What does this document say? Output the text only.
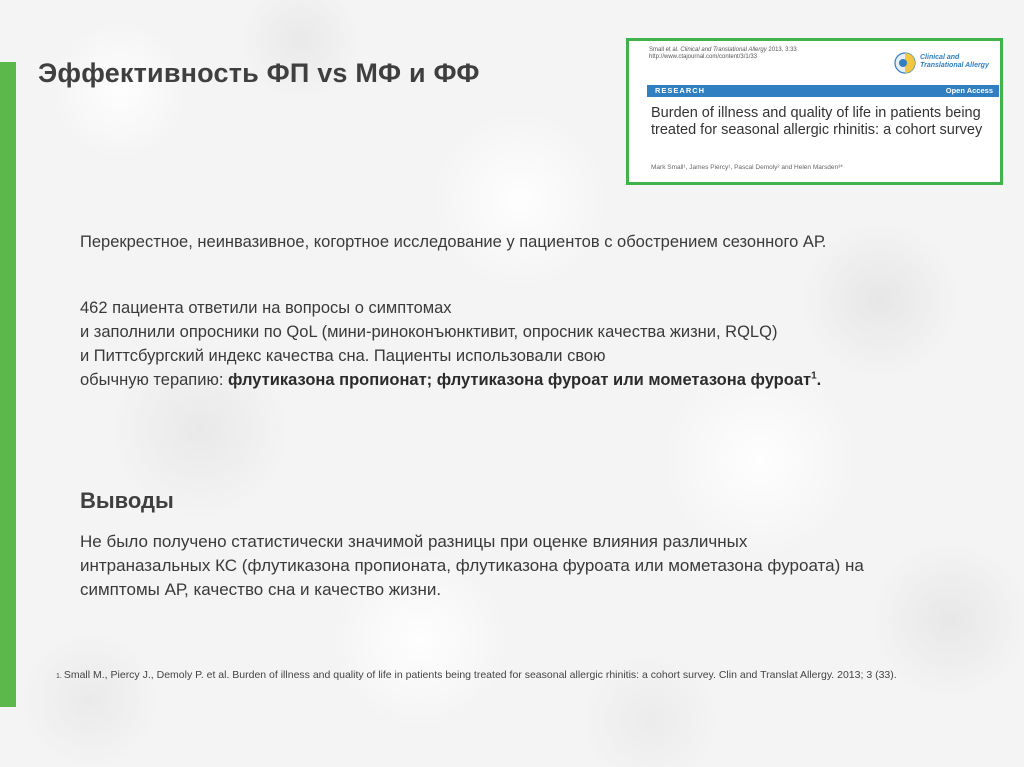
Эффективность ФП vs МФ и ФФ
Small et al. Clinical and Translational Allergy 2013, 3:33
http://www.ctajournal.com/content/3/1/33	Clinical and Translational Allergy
RESEARCH	Open Access
Burden of illness and quality of life in patients being treated for seasonal allergic rhinitis: a cohort survey
Mark Small¹, James Piercy¹, Pascal Demoly² and Helen Marsden³*
Перекрестное, неинвазивное, когортное исследование у пациентов с обострением сезонного АР.
462 пациента ответили на вопросы о симптомах
и заполнили опросники по QoL (мини-риноконъюнктивит, опросник качества жизни, RQLQ)
и Питтсбургский индекс качества сна. Пациенты использовали свою
обычную терапию: флутиказона пропионат; флутиказона фуроат или мометазона фуроат$^1$.
Выводы
Не было получено статистически значимой разницы при оценке влияния различных интраназальных КС (флутиказона пропионата, флутиказона фуроата или мометазона фуроата) на симптомы АР, качество сна и качество жизни.
1. Small M., Piercy J., Demoly P. et al. Burden of illness and quality of life in patients being treated for seasonal allergic rhinitis: a cohort survey. Clin and Translat Allergy. 2013; 3 (33).
